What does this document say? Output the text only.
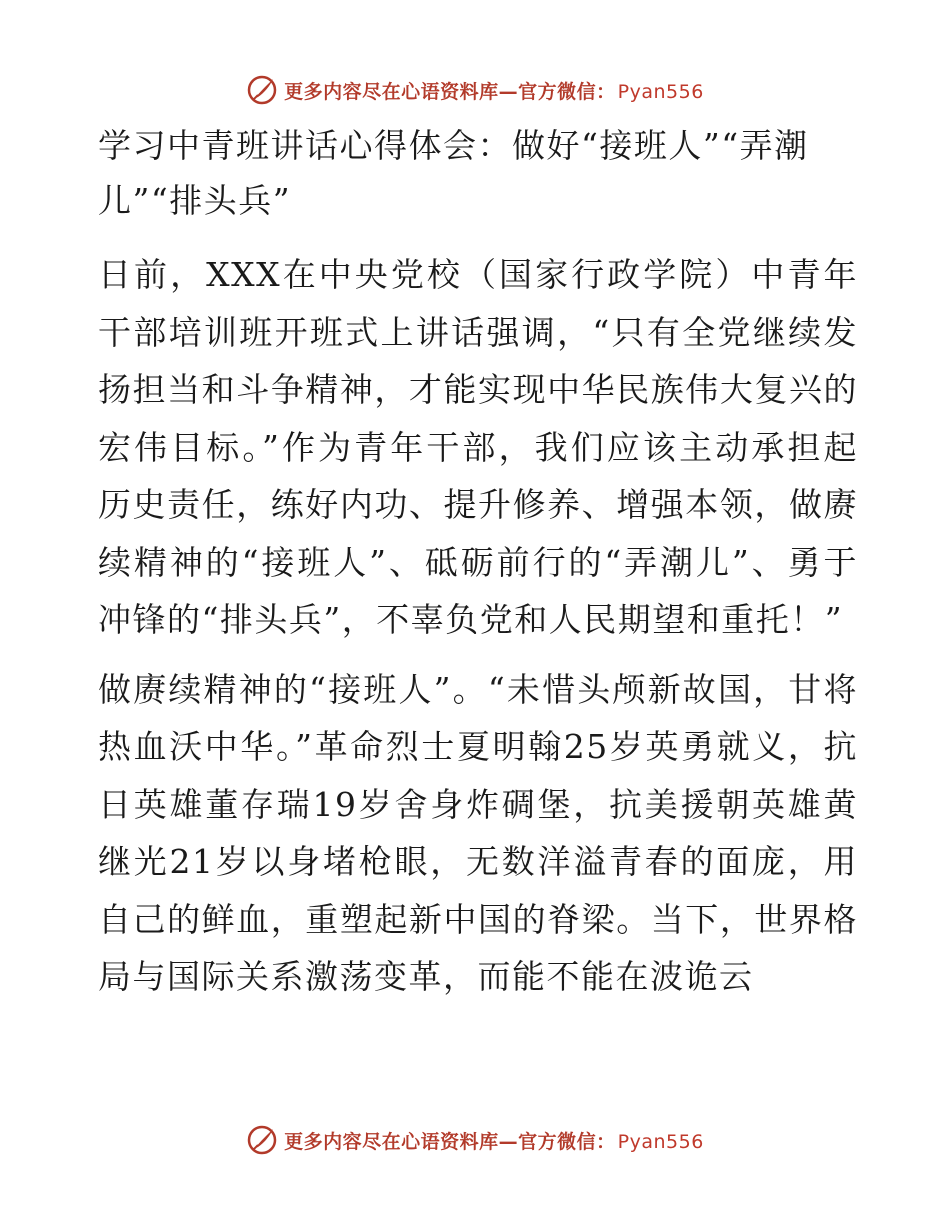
更多内容尽在心语资料库—官方微信： Pyan556
学习中青班讲话心得体会：做好“接班人”“弄潮儿”“排头兵”

日前，XXX在中央党校（国家行政学院）中青年干部培训班开班式上讲话强调，“只有全党继续发扬担当和斗争精神，才能实现中华民族伟大复兴的宏伟目标。”作为青年干部，我们应该主动承担起历史责任，练好内功、提升修养、增强本领，做赓续精神的“接班人”、砥砺前行的“弄潮儿”、勇于冲锋的“排头兵”，不辜负党和人民期望和重托！”

做赓续精神的“接班人”。“未惜头颅新故国，甘将热血沃中华。”革命烈士夏明翰25岁英勇就义，抗日英雄董存瑞19岁舍身炸碉堡，抗美援朝英雄黄继光21岁以身堵枪眼，无数洋溢青春的面庞，用自己的鲜血，重塑起新中国的脊梁。当下，世界格局与国际关系激荡变革，而能不能在波诡云

更多内容尽在心语资料库—官方微信： Pyan556
